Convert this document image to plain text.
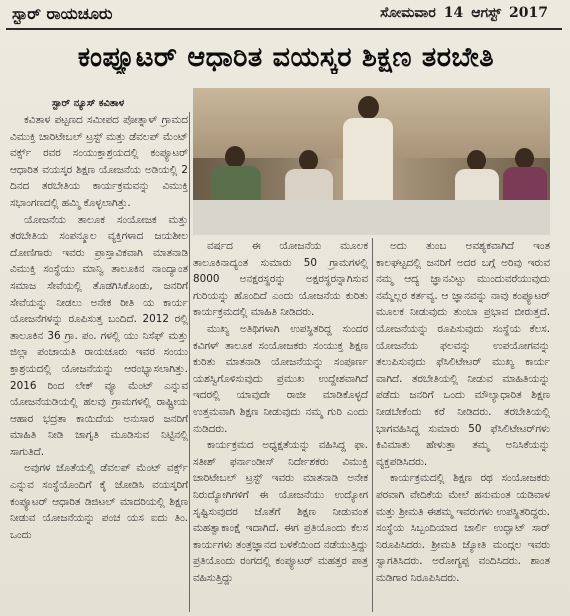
ಸ್ಟಾರ್ ರಾಯಚೂರು	ಸೋಮವಾರ 14 ಆಗಸ್ಟ್ 2017
ಕಂಪ್ಯೂಟರ್ ಆಧಾರಿತ ವಯಸ್ಕರ ಶಿಕ್ಷಣ ತರಬೇತಿ
ಸ್ಟಾರ್ ನ್ಯೂಸ್ ಕವಿತಾಳ

ಕವಿತಾಳ ಪಟ್ಟಣದ ಸಮೀಪದ ಪೋತ್ನಾಳ್ ಗ್ರಾಮದ ವಿಮುಕ್ತಿ ಚಾರಿಟೇಬಲ್ ಟ್ರಸ್ಟ್ ಮತ್ತು ಡೆವಲಪ್ ಮೆಂಟ್ ವರ್ಕ್ಸ್ ರವರ ಸಂಯುಕ್ತಾಶ್ರಯದಲ್ಲಿ ಕಂಪ್ಯೂಟರ್ ಆಧಾರಿತ ವಯಸ್ಕರ ಶಿಕ್ಷಣ ಯೋಜನೆಯ ಅಡಿಯಲ್ಲಿ 2 ದಿನದ ತರಬೇತಿಯ ಕಾರ್ಯಕ್ರಮವನ್ನು ವಿಮುಕ್ತಿ ಸಭಾಂಗಣದಲ್ಲಿ ಹಮ್ಮಿ ಕೊಳ್ಳಲಾಗಿತ್ತು.

ಯೋಜನೆಯ ತಾಲೂಕ ಸಂಯೋಜಕ ಮತ್ತು ತರಬೇತಿಯ ಸಂಪನ್ಮೂಲ ವ್ಯಕ್ತಿಗಳಾದ ಜಯಶೀಲ ದೋಣಿಗಾರು ಇವರು ಪ್ರಾಸ್ತಾವಿಕವಾಗಿ ಮಾತನಾಡಿ ವಿಮುಕ್ತಿ ಸಂಸ್ಥೆಯು ಮಾನ್ವಿ ತಾಲೂಕಿನ ನಾಂದ್ಯಾಂತ ಸಮಾಜ ಸೇವೆಯಲ್ಲಿ ತೊಡಗಿಸಿಕೊಂಡು, ಜನರಿಗೆ ಸೇವೆಯನ್ನು ನೀಡಲು ಅನೇಕ ರೀತಿ ಯ ಕಾರ್ಯ ಯೋಜನೆಗಳನ್ನು ರೂಪಿಸುತ್ತ ಬಂದಿದೆ. 2012 ರಲ್ಲಿ ತಾಲೂಕಿನ 36 ಗ್ರಾ. ಪಂ. ಗಳಲ್ಲಿ ಯು ನಿಸೆಫ್ ಮತ್ತು ಜಿಲ್ಲಾ ಪಂಚಾಯತಿ ರಾಯಚೂರು ಇವರ ಸಂಯು ಕ್ತಾಶ್ರಯದಲ್ಲಿ ಯೋಜನೆಯನ್ನು ಆರಂಭ್ಯಾಸಲಾಗಿತ್ತು. 2016 ರಿಂದ ಲೇಕ್ ವ್ಯೂ ಮೆಂಟ್ ಎನ್ನುವ ಯೋಜನೆಯಡಿಯಲ್ಲಿ ಹಲವು ಗ್ರಾಮಗಳಲ್ಲಿ ರಾಷ್ಟ್ರೀಯ ಆಹಾರ ಭದ್ರತಾ ಕಾಯಿದೆಯ ಅನುಸಾರ ಜನರಿಗೆ ಮಾಹಿತಿ ನೀಡಿ ಜಾಗೃತಿ ಮೂಡಿಸುವ ನಿಟ್ಟಿನಲ್ಲಿ ಸಾಗುತಿದೆ.

ಅವುಗಳ ಜೊತೆಯಲ್ಲಿ ಡೆವಲಪ್ ಮೆಂಟ್ ವರ್ಕ್ಸ್ ಎನ್ನುವ ಸಂಸ್ಥೆಯೊಂದಿಗೆ ಕೈ ಜೋಡಿಸಿ ವಯಸ್ಕರಿಗೆ ಕಂಪ್ಯೂಟರ್ ಆಧಾರಿತ ಡಿಜಿಟಲ್ ಮಾದರಿಯಲ್ಲಿ ಶಿಕ್ಷಣ ನೀಡುವ ಯೋಜನೆಯನ್ನು ಪಂಚ ಯಸ ಐದು ತಿಂ. ಒಂದು

ವರ್ಷದ ಈ ಯೋಜನೆಯ ಮೂಲಕ ತಾಲೂಕಿನಾದ್ಯಂತ ಸುಮಾರು 50 ಗ್ರಾಮಗಳಲ್ಲಿ 8000 ಅನಕ್ಷರಸ್ಥರನ್ನು ಅಕ್ಷರಸ್ಥರನ್ನಾಗಿಸುವ ಗುರಿಯನ್ನು ಹೊಂದಿದೆ ಎಂದು ಯೋಜನೆಯ ಕುರಿತು ಕಾರ್ಯಕ್ರಮದಲ್ಲಿ ಮಾಹಿತಿ ನೀಡಿದರು.

ಮುಖ್ಯ ಅತಿಥಿಗಳಾಗಿ ಉಪಸ್ಥಿತರಿದ್ದ ಸುಂದರ ಕವಿಗಳ್ ತಾಲೂಕ ಸಂಯೋಜಕರು ಸಂಯುಕ್ತ ಶಿಕ್ಷಣ ಕುರಿತು ಮಾತನಾಡಿ ಯೋಜನೆಯನ್ನು ಸಂಪೂರ್ಣ ಯಶಸ್ವಿಗೊಳಿಸುವುದು ಪ್ರಮುಖ ಉದ್ದೇಶವಾಗಿದೆ ಇದರಲ್ಲಿ ಯಾವುದೇ ರಾಜೀ ಮಾಡಿಕೊಳ್ಳದೆ ಉತ್ತಮವಾಗಿ ಶಿಕ್ಷಣ ನೀಡುವುದು ನಮ್ಮ ಗುರಿ ಎಂದು ನುಡಿದರು.

ಕಾರ್ಯಕ್ರಮದ ಅಧ್ಯಕ್ಷತೆಯನ್ನು ವಹಿಸಿದ್ದ ಫಾ. ಸತೀಶ್ ಫರ್ನಾಂಡೀಸ್ ನಿರ್ದೇಶಕರು ವಿಮುಕ್ತಿ ಚಾರಿಟೇಬಲ್ ಟ್ರಸ್ಟ್ ಇವರು ಮಾತನಾಡಿ ಅನೇಕ ನಿರುದ್ಯೋಗಿಗಳಿಗೆ ಈ ಯೋಜನೆಯು ಉದ್ಯೋಗ ಸೃಷ್ಟಿಸುವುದರ ಜೊತೆಗೆ ಶಿಕ್ಷಣ ನೀಡುವಂತ ಮಹತ್ವಾಕಾಂಕ್ಷೆ ಇದಾಗಿದೆ. ಈಗ ಪ್ರತಿಯೊಂದು ಕೆಲಸ ಕಾರ್ಯಗಳು ತಂತ್ರಜ್ಞಾನದ ಬಳಕೆಯಿಂದ ನಡೆಯುತ್ತಿದ್ದು ಪ್ರತಿಯೊಂದು ರಂಗದಲ್ಲಿ ಕಂಪ್ಯೂಟರ್ ಮಹತ್ತರ ಪಾತ್ರ ವಹಿಸುತ್ತಿದ್ದು

ಅದು ತುಂಬ ಅವಶ್ಯಕವಾಗಿದೆ ಇಂತ ಕಾಲಘಟ್ಟದಲ್ಲಿ ಜನರಿಗೆ ಅದರ ಬಗ್ಗೆ ಅರಿವು ಇರುವ ನಮ್ಮ ಆದ್ಯ ಜ್ಞಾನವಿಟ್ಟು ಮುಂದುವರೆಯುವುದು ನಮ್ಮೆಲ್ಲರ ಕರ್ತವ್ಯ. ಆ ಜ್ಞಾನವನ್ನು ನಾವು ಕಂಪ್ಯೂಟರ್ ಮೂಲಕ ನೀಡುವುದು ತುಂಬಾ ಪ್ರಭಾವ ಬೀರುತ್ತದೆ. ಯೋಜನೆಯನ್ನು ರೂಪಿಸುವುದು ಸಂಸ್ಥೆಯ ಕೆಲಸ. ಯೋಜನೆಯ ಫಲವನ್ನು ಉಪಯೋಗವನ್ನು ತಲುಪಿಸುವುದು ಫೆಸಿಲಿಟೇಟರ್ ಮುಖ್ಯ ಕಾರ್ಯ ವಾಗಿದೆ. ತರಬೇತಿಯಲ್ಲಿ ನೀಡುವ ಮಾಹಿತಿಯನ್ನು ಪಡೆದು ಜನರಿಗೆ ಒಂದು ಮೌಲ್ಯಾಧಾರಿತ ಶಿಕ್ಷಣ ನೀಡಬೇಕೆಂದು ಕರೆ ನೀಡಿದರು. ತರಬೇತಿಯಲ್ಲಿ ಭಾಗವಹಿಸಿದ್ದ ಸುಮಾರು 50 ಫೆಸಿಲಿಟೇಟರ್‌ಗಳು ಕಿವಿಮಾತು ಹೇಳುತ್ತಾ ತಮ್ಮ ಅನಿಸಿಕೆಯನ್ನು ವ್ಯಕ್ತಪಡಿಸಿದರು.

ಕಾರ್ಯಕ್ರಮದಲ್ಲಿ ಶಿಕ್ಷಣ ರಥ ಸಂಯೋಜಕರು ಪರವಾಗಿ ವೇದಿಕೆಯ ಮೇಲೆ ಹನುಮಂತ ಯಡಿವಾಳ ಮತ್ತು ಶ್ರೀಮತಿ ಈಶಮ್ಮ ಇವರುಗಳು ಉಪಸ್ಥಿತರಿದ್ದರು. ಸಂಸ್ಥೆಯ ಸಿಬ್ಬಂದಿಯಾದ ಚಾರ್ಲಿ ಉದ್ಘಾಟ್ ಸಾರ್ ನಿರೂಪಿಸಿದರು. ಶ್ರೀಮತಿ ಜ್ಯೋತಿ ಮಂದ್ಗಲ ಇವರು ಸ್ವಾಗತಿಸಿದರು. ಅರೋಗ್ಯಪ್ಪ ವಂದಿಸಿದರು. ಶಾಂತ ಮಡಿಗಾರ ನಿರೂಪಿಸಿದರು.
